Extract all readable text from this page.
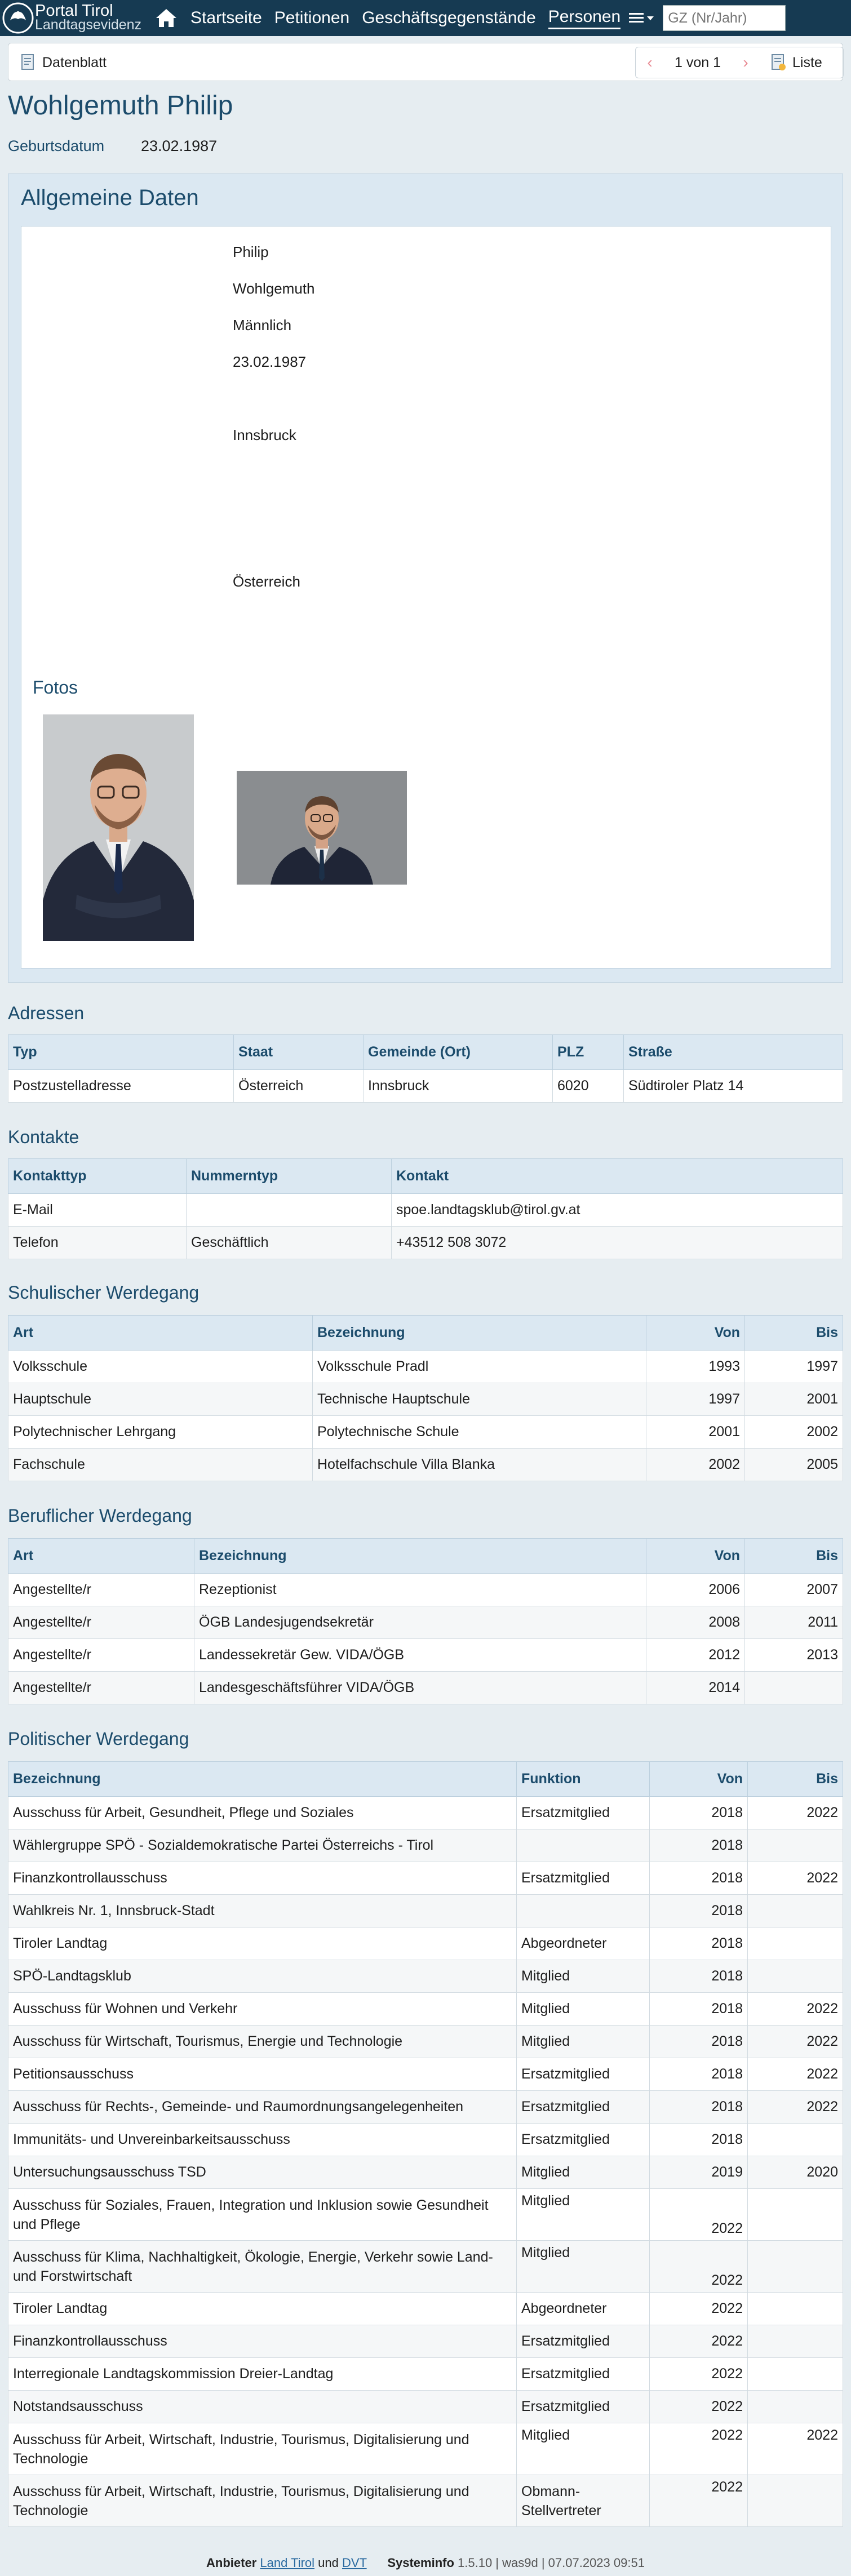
Portal Tirol
Landtagsevidenz	Startseite Petitionen Geschäftsgegenstände Personen
GZ (Nr/Jahr)
Datenblatt	‹	1 von 1	›	Liste
Wohlgemuth Philip
Geburtsdatum 23.02.1987
Allgemeine Daten
Philip
Wohlgemuth
Männlich
23.02.1987
Innsbruck
Österreich
Fotos
Adressen
Typ	Staat	Gemeinde (Ort)	PLZ	Straße
Postzustelladresse	Österreich	Innsbruck	6020	Südtiroler Platz 14
Kontakte
Kontakttyp	Nummerntyp	Kontakt
E-Mail		spoe.landtagsklub@tirol.gv.at
Telefon	Geschäftlich	+43512 508 3072
Schulischer Werdegang
Art	Bezeichnung	Von	Bis
Volksschule	Volksschule Pradl	1993	1997
Hauptschule	Technische Hauptschule	1997	2001
Polytechnischer Lehrgang	Polytechnische Schule	2001	2002
Fachschule	Hotelfachschule Villa Blanka	2002	2005
Beruflicher Werdegang
Art	Bezeichnung	Von	Bis
Angestellte/r	Rezeptionist	2006	2007
Angestellte/r	ÖGB Landesjugendsekretär	2008	2011
Angestellte/r	Landessekretär Gew. VIDA/ÖGB	2012	2013
Angestellte/r	Landesgeschäftsführer VIDA/ÖGB	2014	
Politischer Werdegang
Bezeichnung	Funktion	Von	Bis
Ausschuss für Arbeit, Gesundheit, Pflege und Soziales	Ersatzmitglied	2018	2022
Wählergruppe SPÖ - Sozialdemokratische Partei Österreichs - Tirol		2018	
Finanzkontrollausschuss	Ersatzmitglied	2018	2022
Wahlkreis Nr. 1, Innsbruck-Stadt		2018	
Tiroler Landtag	Abgeordneter	2018	
SPÖ-Landtagsklub	Mitglied	2018	
Ausschuss für Wohnen und Verkehr	Mitglied	2018	2022
Ausschuss für Wirtschaft, Tourismus, Energie und Technologie	Mitglied	2018	2022
Petitionsausschuss	Ersatzmitglied	2018	2022
Ausschuss für Rechts-, Gemeinde- und Raumordnungsangelegenheiten	Ersatzmitglied	2018	2022
Immunitäts- und Unvereinbarkeitsausschuss	Ersatzmitglied	2018	
Untersuchungsausschuss TSD	Mitglied	2019	2020
Ausschuss für Soziales, Frauen, Integration und Inklusion sowie Gesundheit und Pflege	Mitglied	2022	
Ausschuss für Klima, Nachhaltigkeit, Ökologie, Energie, Verkehr sowie Land- und Forstwirtschaft	Mitglied	2022	
Tiroler Landtag	Abgeordneter	2022	
Finanzkontrollausschuss	Ersatzmitglied	2022	
Interregionale Landtagskommission Dreier-Landtag	Ersatzmitglied	2022	
Notstandsausschuss	Ersatzmitglied	2022	
Ausschuss für Arbeit, Wirtschaft, Industrie, Tourismus, Digitalisierung und Technologie	Mitglied	2022	2022
Ausschuss für Arbeit, Wirtschaft, Industrie, Tourismus, Digitalisierung und Technologie	Obmann-Stellvertreter	2022	
Anbieter Land Tirol und DVT Systeminfo 1.5.10 | was9d | 07.07.2023 09:51
